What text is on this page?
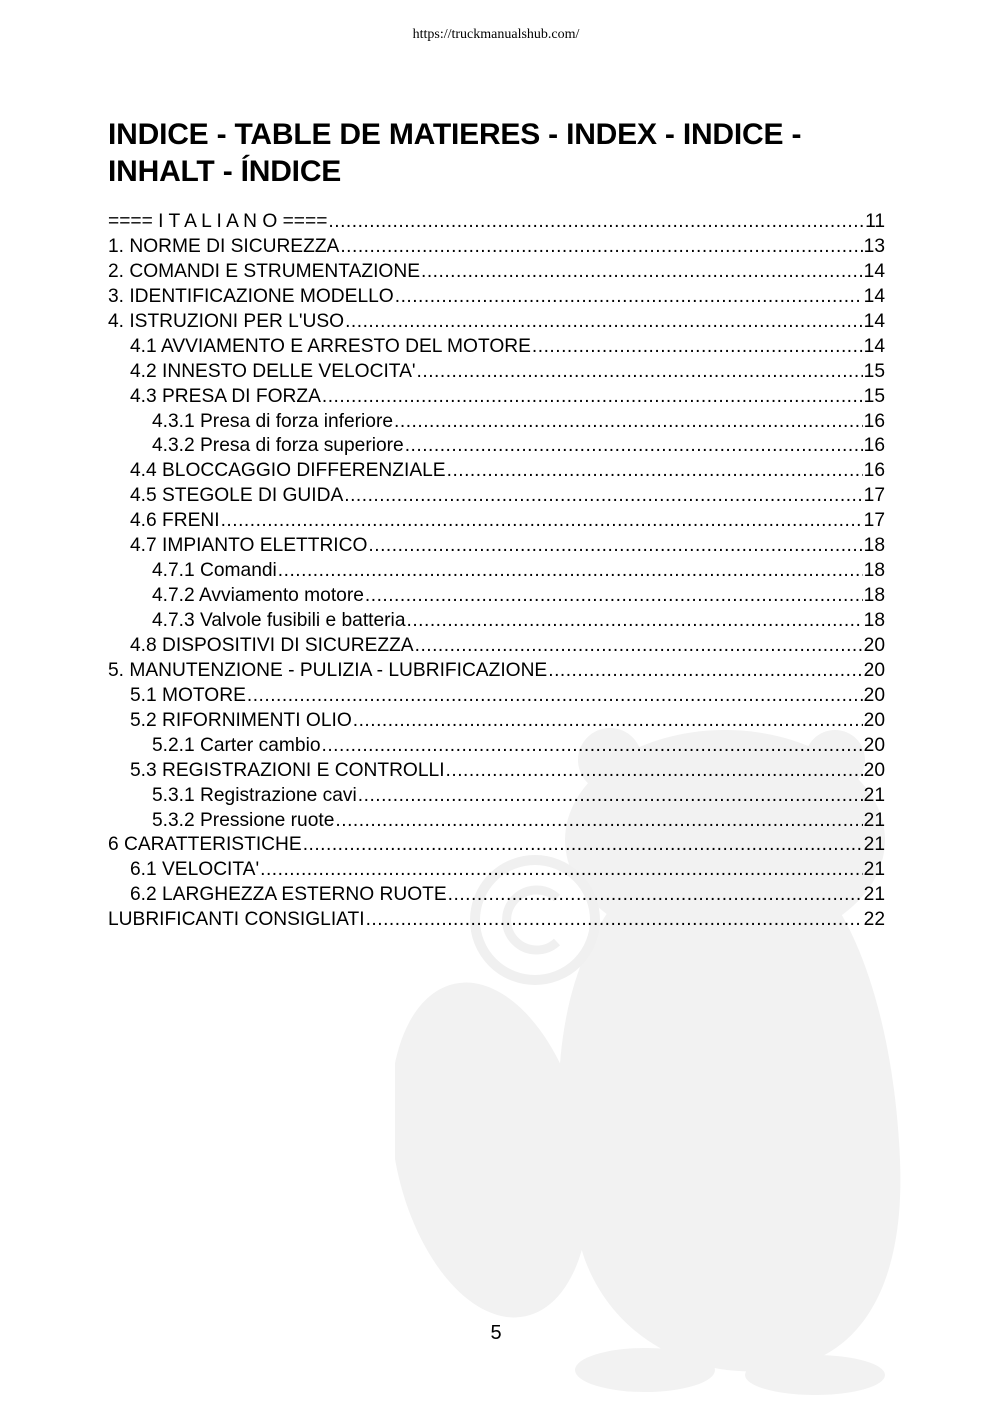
https://truckmanualshub.com/
INDICE - TABLE DE MATIERES - INDEX - INDICE - INHALT - ÍNDICE
==== I T A L I A N O ==== .....	11
1. NORME DI SICUREZZA .....	13
2. COMANDI E STRUMENTAZIONE .....	14
3. IDENTIFICAZIONE MODELLO .....	14
4. ISTRUZIONI PER L'USO .....	14
4.1 AVVIAMENTO E ARRESTO DEL MOTORE .....	14
4.2 INNESTO DELLE VELOCITA' .....	15
4.3 PRESA DI FORZA .....	15
4.3.1 Presa di forza inferiore .....	16
4.3.2 Presa di forza superiore .....	16
4.4 BLOCCAGGIO DIFFERENZIALE .....	16
4.5 STEGOLE DI GUIDA .....	17
4.6 FRENI .....	17
4.7 IMPIANTO ELETTRICO .....	18
4.7.1 Comandi .....	18
4.7.2 Avviamento motore .....	18
4.7.3 Valvole fusibili e batteria .....	18
4.8 DISPOSITIVI DI SICUREZZA .....	20
5. MANUTENZIONE - PULIZIA - LUBRIFICAZIONE .....	20
5.1 MOTORE .....	20
5.2 RIFORNIMENTI OLIO .....	20
5.2.1 Carter cambio .....	20
5.3 REGISTRAZIONI E CONTROLLI .....	20
5.3.1 Registrazione cavi .....	21
5.3.2 Pressione ruote .....	21
6 CARATTERISTICHE .....	21
6.1 VELOCITA' .....	21
6.2 LARGHEZZA ESTERNO RUOTE .....	21
LUBRIFICANTI CONSIGLIATI .....	22
5
